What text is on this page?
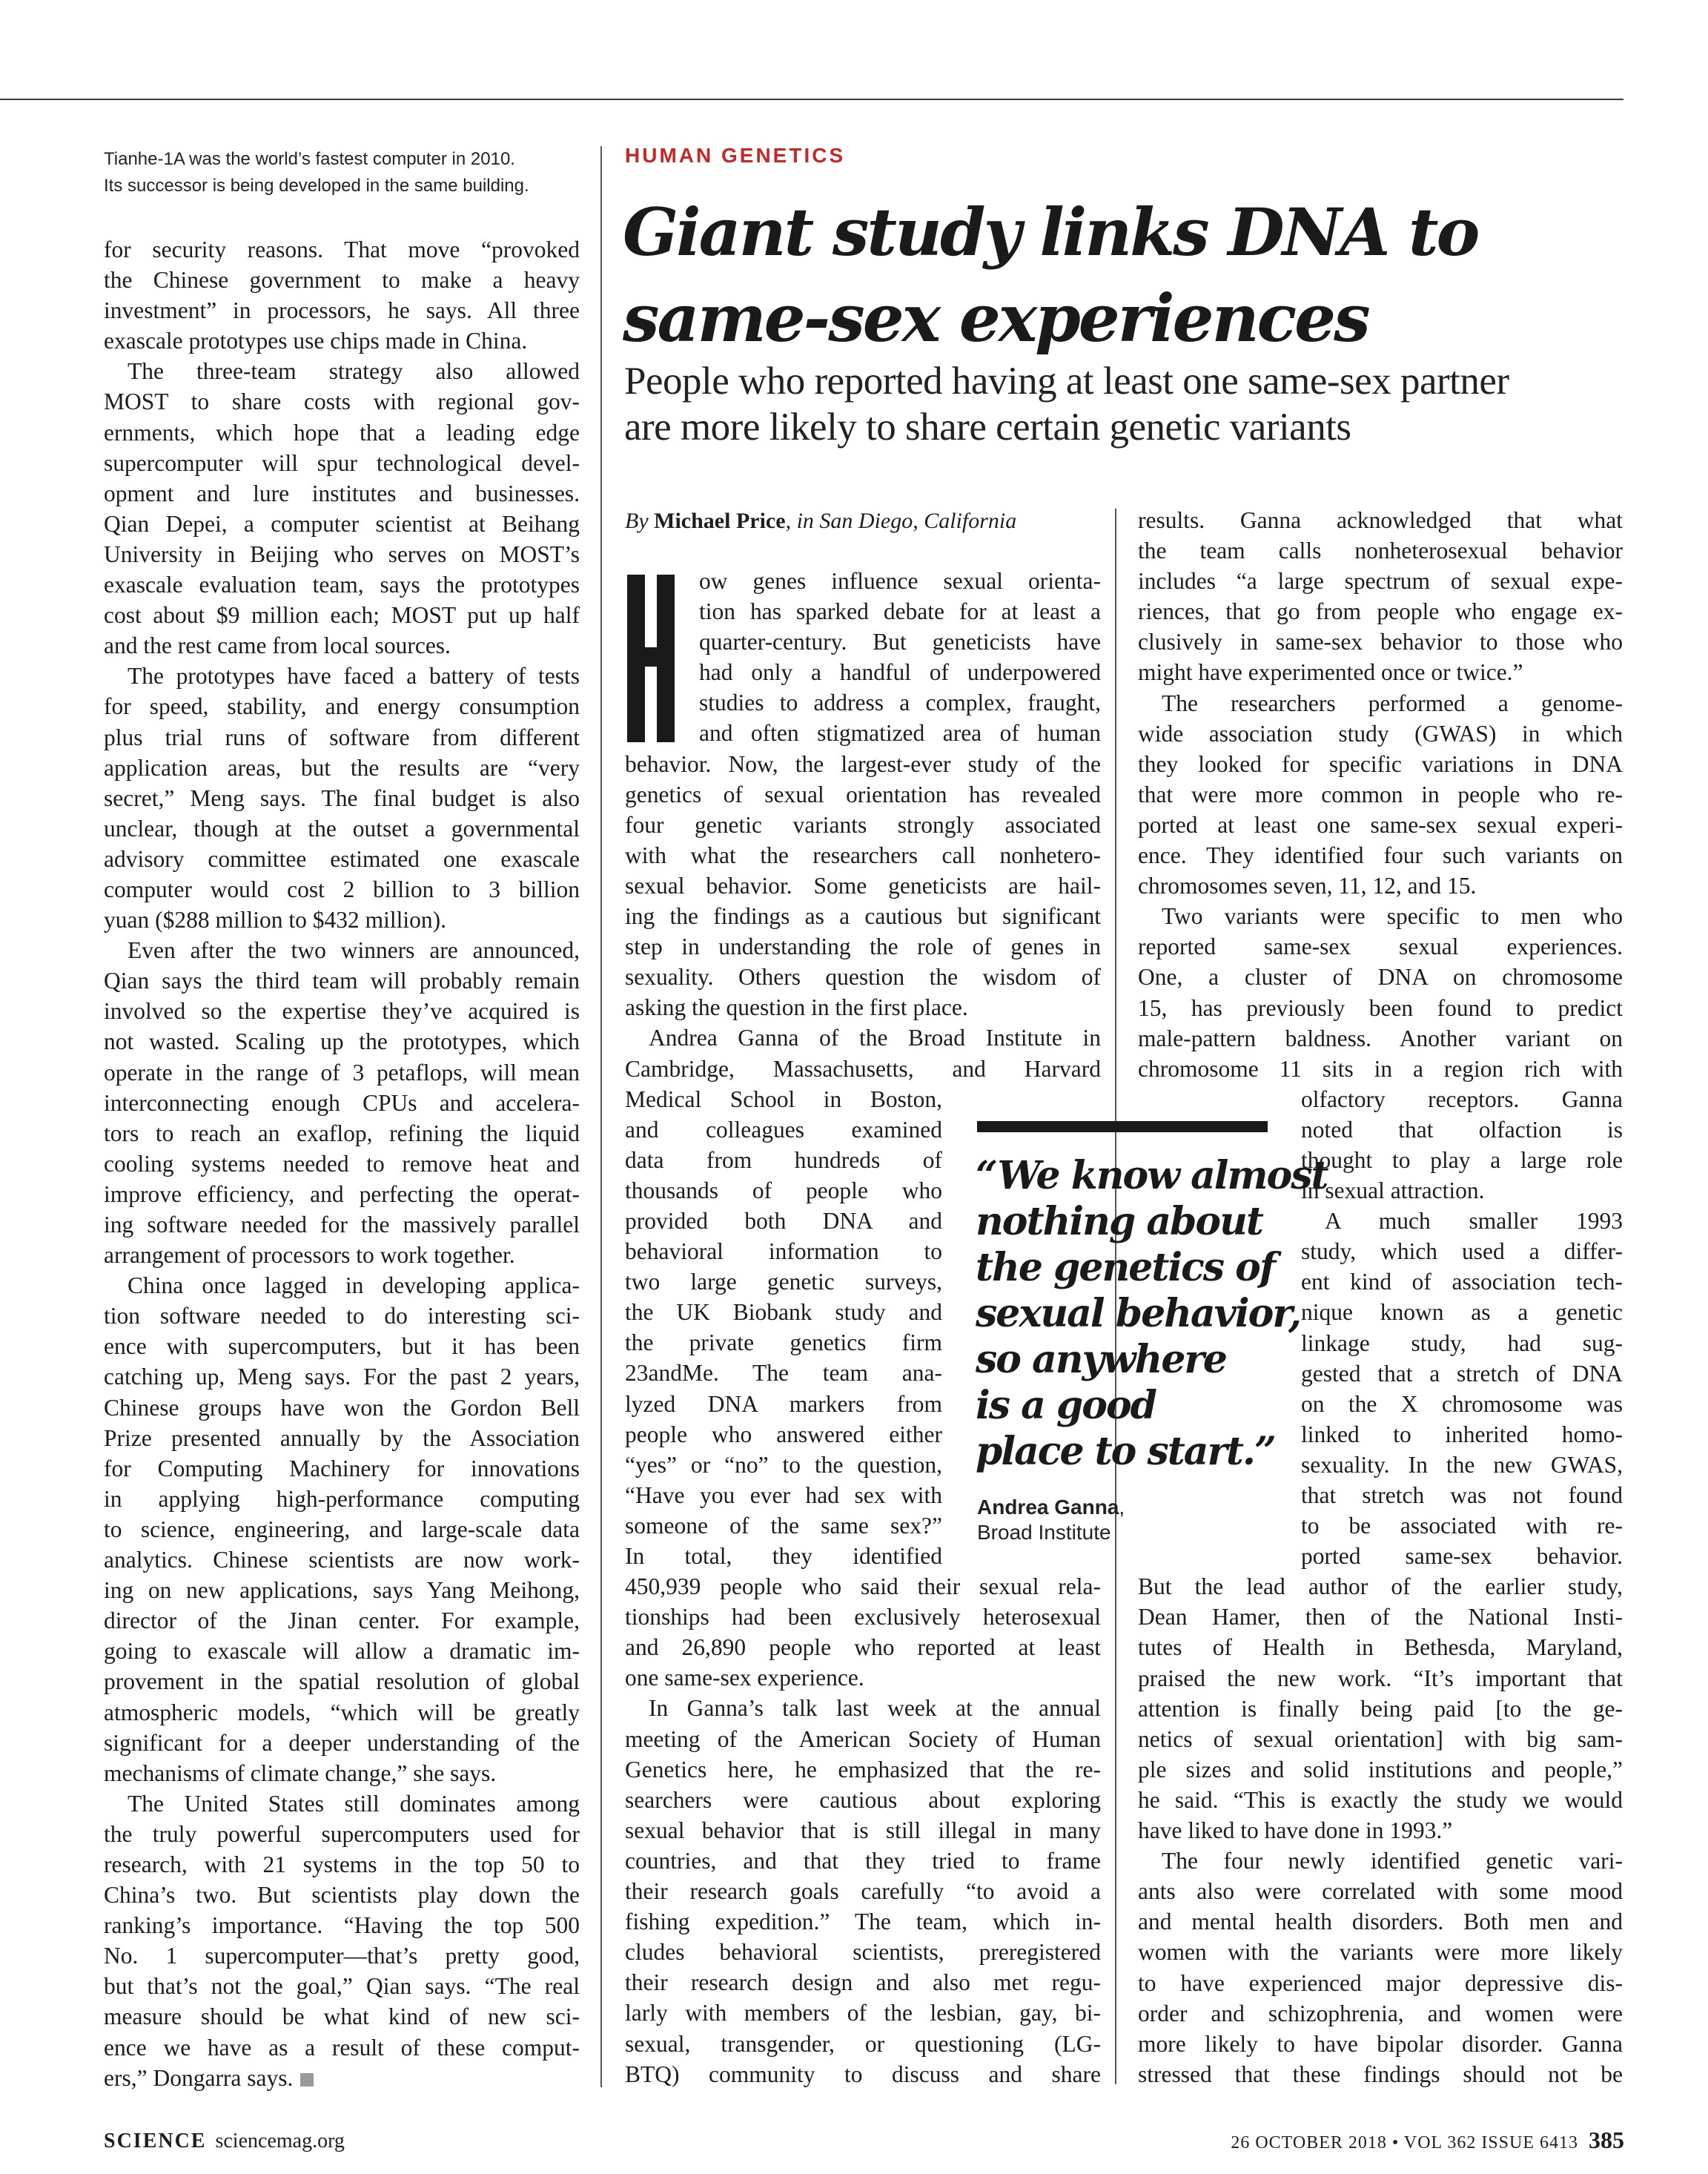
Tianhe-1A was the world’s fastest computer in 2010.
Its successor is being developed in the same building.
for security reasons. That move “provoked
the Chinese government to make a heavy
investment” in processors, he says. All three
exascale prototypes use chips made in China.
The three-team strategy also allowed
MOST to share costs with regional gov-
ernments, which hope that a leading edge
supercomputer will spur technological devel-
opment and lure institutes and businesses.
Qian Depei, a computer scientist at Beihang
University in Beijing who serves on MOST’s
exascale evaluation team, says the prototypes
cost about $9 million each; MOST put up half
and the rest came from local sources.
The prototypes have faced a battery of tests
for speed, stability, and energy consumption
plus trial runs of software from different
application areas, but the results are “very
secret,” Meng says. The final budget is also
unclear, though at the outset a governmental
advisory committee estimated one exascale
computer would cost 2 billion to 3 billion
yuan ($288 million to $432 million).
Even after the two winners are announced,
Qian says the third team will probably remain
involved so the expertise they’ve acquired is
not wasted. Scaling up the prototypes, which
operate in the range of 3 petaflops, will mean
interconnecting enough CPUs and accelera-
tors to reach an exaflop, refining the liquid
cooling systems needed to remove heat and
improve efficiency, and perfecting the operat-
ing software needed for the massively parallel
arrangement of processors to work together.
China once lagged in developing applica-
tion software needed to do interesting sci-
ence with supercomputers, but it has been
catching up, Meng says. For the past 2 years,
Chinese groups have won the Gordon Bell
Prize presented annually by the Association
for Computing Machinery for innovations
in applying high-performance computing
to science, engineering, and large-scale data
analytics. Chinese scientists are now work-
ing on new applications, says Yang Meihong,
director of the Jinan center. For example,
going to exascale will allow a dramatic im-
provement in the spatial resolution of global
atmospheric models, “which will be greatly
significant for a deeper understanding of the
mechanisms of climate change,” she says.
The United States still dominates among
the truly powerful supercomputers used for
research, with 21 systems in the top 50 to
China’s two. But scientists play down the
ranking’s importance. “Having the top 500
No. 1 supercomputer—that’s pretty good,
but that’s not the goal,” Qian says. “The real
measure should be what kind of new sci-
ence we have as a result of these comput-
ers,” Dongarra says.
HUMAN GENETICS
Giant study links DNA to
same-sex experiences
People who reported having at least one same-sex partner
are more likely to share certain genetic variants
By Michael Price, in San Diego, California
“We know almost
nothing about
the genetics of
sexual behavior,
so anywhere
is a good
place to start.”
Andrea Ganna,
Broad Institute
ow genes influence sexual orienta-
tion has sparked debate for at least a
quarter-century. But geneticists have
had only a handful of underpowered
studies to address a complex, fraught,
and often stigmatized area of human
behavior. Now, the largest-ever study of the
genetics of sexual orientation has revealed
four genetic variants strongly associated
with what the researchers call nonhetero-
sexual behavior. Some geneticists are hail-
ing the findings as a cautious but significant
step in understanding the role of genes in
sexuality. Others question the wisdom of
asking the question in the first place.
Andrea Ganna of the Broad Institute in
Cambridge, Massachusetts, and Harvard
Medical School in Boston,
and colleagues examined
data from hundreds of
thousands of people who
provided both DNA and
behavioral information to
two large genetic surveys,
the UK Biobank study and
the private genetics firm
23andMe. The team ana-
lyzed DNA markers from
people who answered either
“yes” or “no” to the question,
“Have you ever had sex with
someone of the same sex?”
In total, they identified
450,939 people who said their sexual rela-
tionships had been exclusively heterosexual
and 26,890 people who reported at least
one same-sex experience.
In Ganna’s talk last week at the annual
meeting of the American Society of Human
Genetics here, he emphasized that the re-
searchers were cautious about exploring
sexual behavior that is still illegal in many
countries, and that they tried to frame
their research goals carefully “to avoid a
fishing expedition.” The team, which in-
cludes behavioral scientists, preregistered
their research design and also met regu-
larly with members of the lesbian, gay, bi-
sexual, transgender, or questioning (LG-
BTQ) community to discuss and share
results. Ganna acknowledged that what
the team calls nonheterosexual behavior
includes “a large spectrum of sexual expe-
riences, that go from people who engage ex-
clusively in same-sex behavior to those who
might have experimented once or twice.”
The researchers performed a genome-
wide association study (GWAS) in which
they looked for specific variations in DNA
that were more common in people who re-
ported at least one same-sex sexual experi-
ence. They identified four such variants on
chromosomes seven, 11, 12, and 15.
Two variants were specific to men who
reported same-sex sexual experiences.
One, a cluster of DNA on chromosome
15, has previously been found to predict
male-pattern baldness. Another variant on
chromosome 11 sits in a region rich with
olfactory receptors. Ganna
noted that olfaction is
thought to play a large role
in sexual attraction.
A much smaller 1993
study, which used a differ-
ent kind of association tech-
nique known as a genetic
linkage study, had sug-
gested that a stretch of DNA
on the X chromosome was
linked to inherited homo-
sexuality. In the new GWAS,
that stretch was not found
to be associated with re-
ported same-sex behavior.
But the lead author of the earlier study,
Dean Hamer, then of the National Insti-
tutes of Health in Bethesda, Maryland,
praised the new work. “It’s important that
attention is finally being paid [to the ge-
netics of sexual orientation] with big sam-
ple sizes and solid institutions and people,”
he said. “This is exactly the study we would
have liked to have done in 1993.”
The four newly identified genetic vari-
ants also were correlated with some mood
and mental health disorders. Both men and
women with the variants were more likely
to have experienced major depressive dis-
order and schizophrenia, and women were
more likely to have bipolar disorder. Ganna
stressed that these findings should not be
SCIENCE sciencemag.org	26 OCTOBER 2018 • VOL 362 ISSUE 6413 385
